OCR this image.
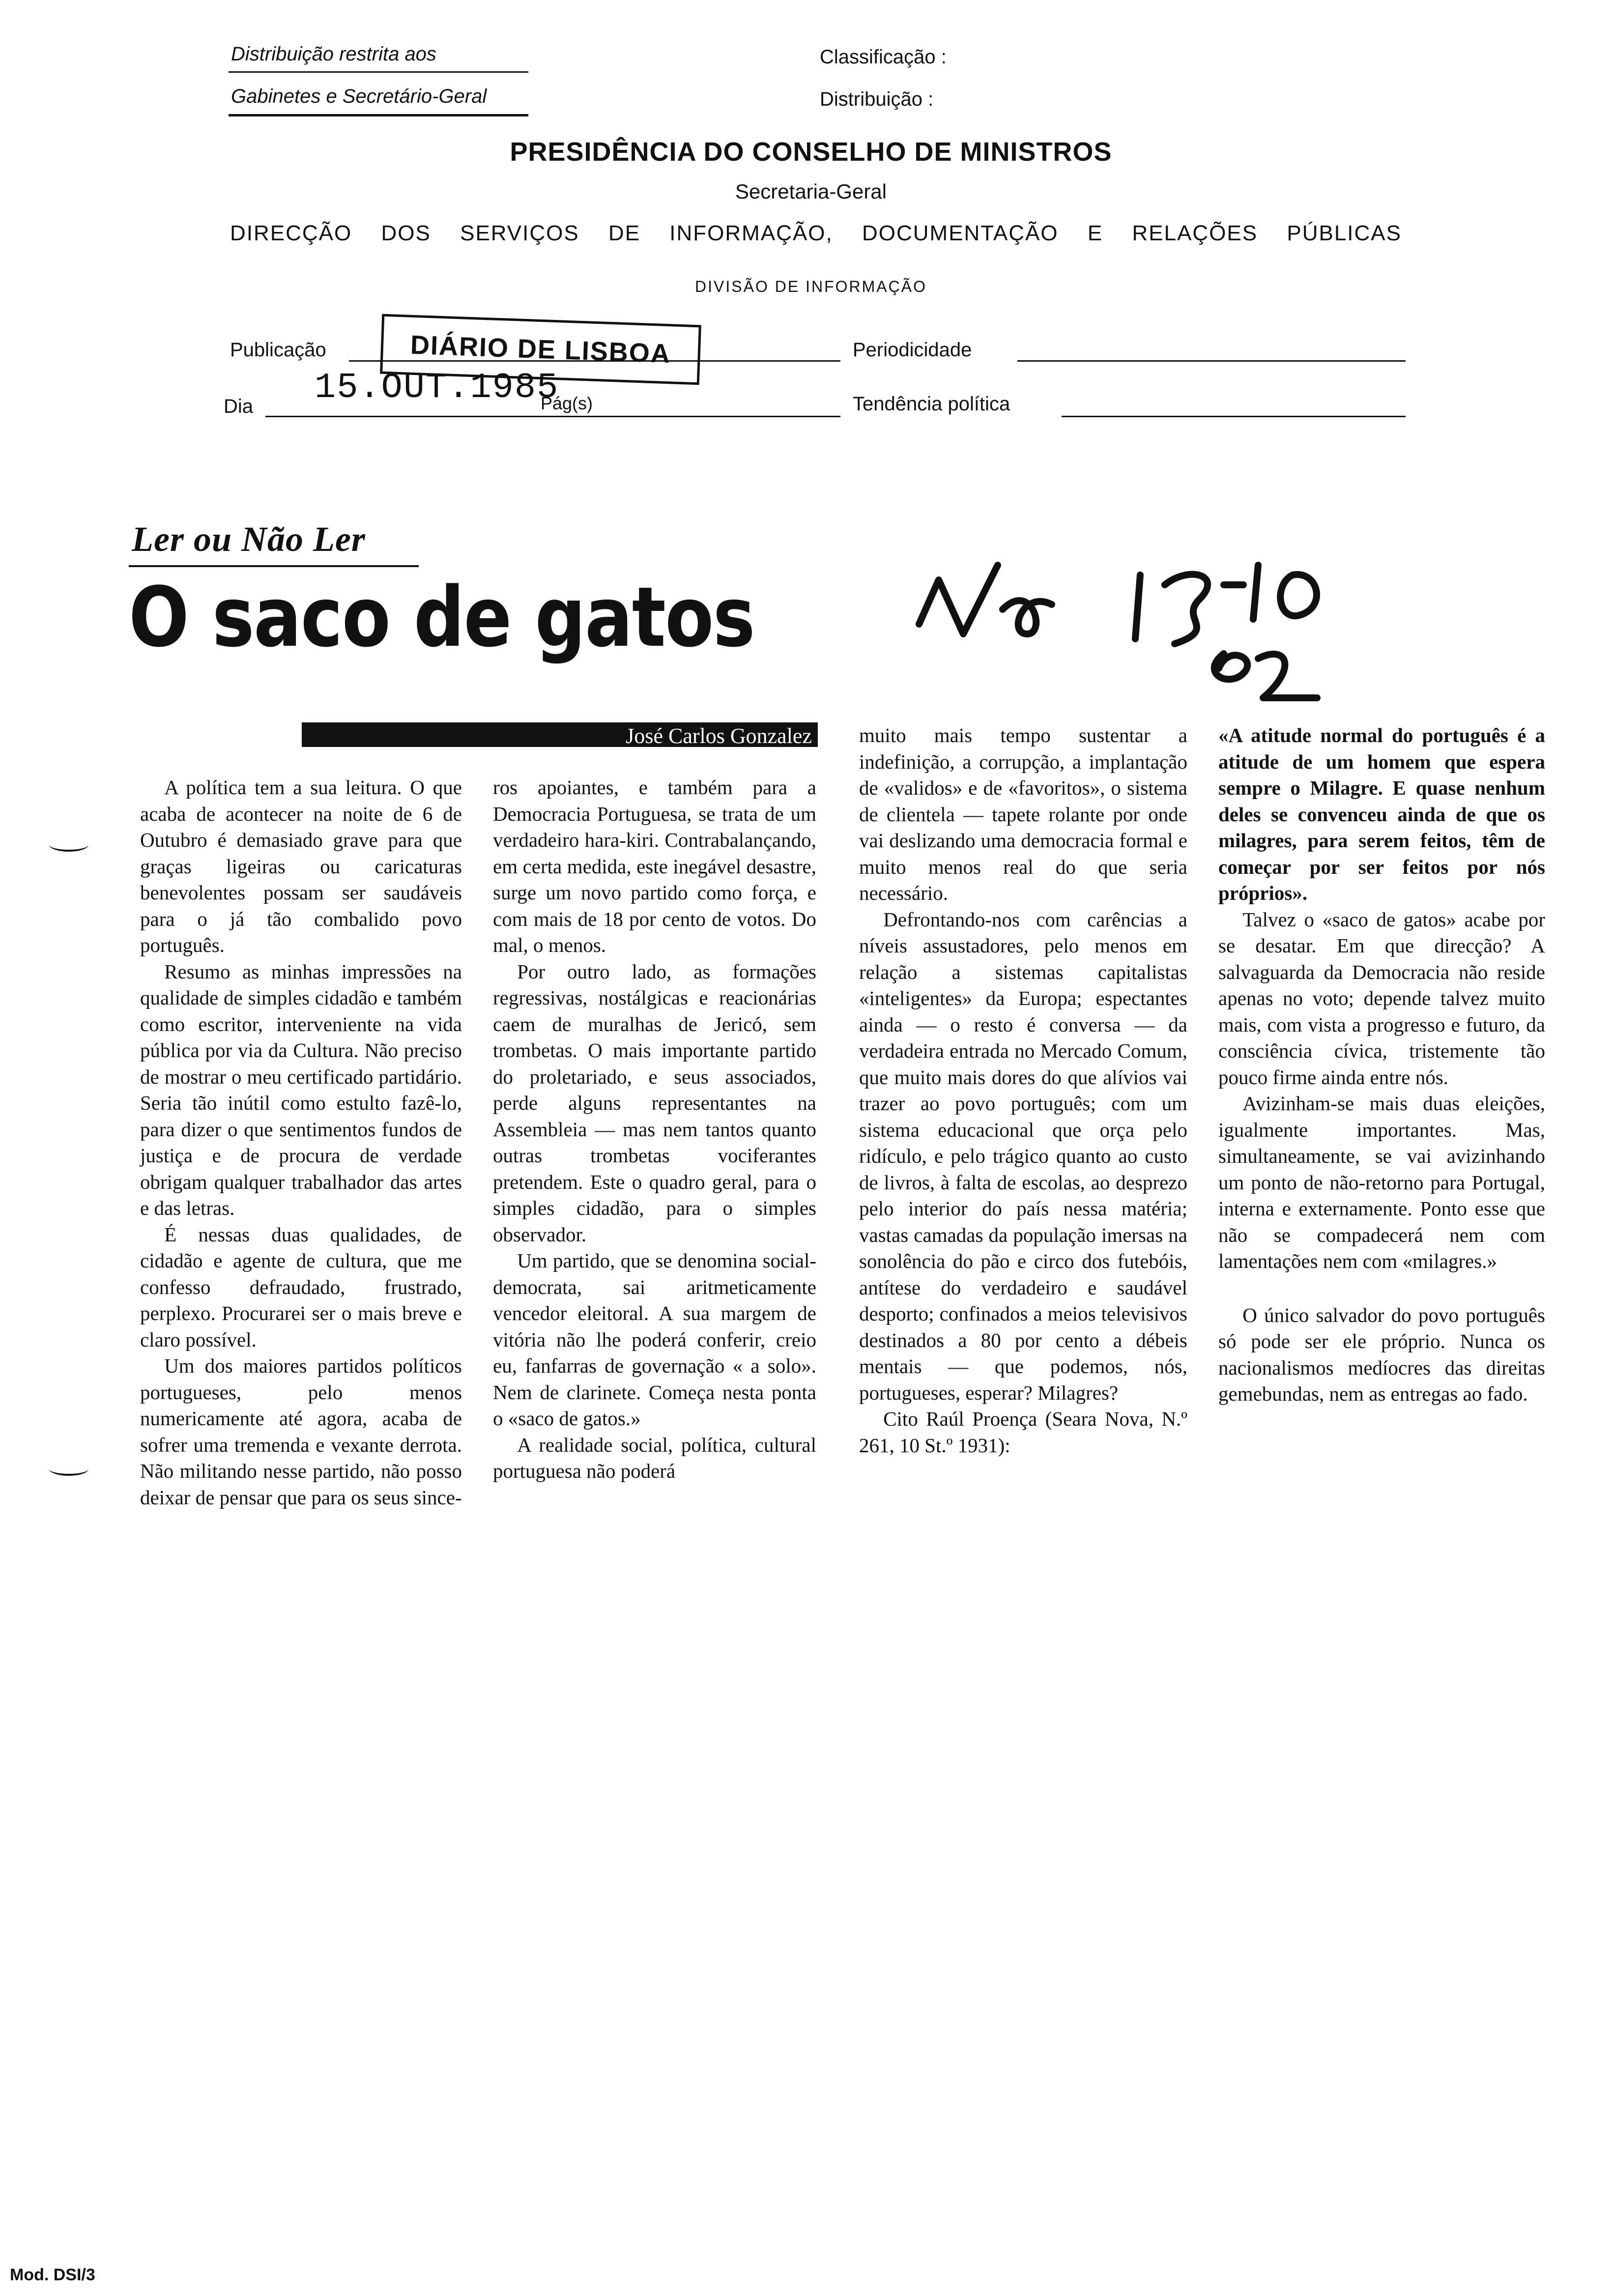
Distribuição restrita aos
Gabinetes e Secretário-Geral
Classificação :
Distribuição :
PRESIDÊNCIA DO CONSELHO DE MINISTROS
Secretaria-Geral
DIRECÇÃO DOS SERVIÇOS DE INFORMAÇÃO, DOCUMENTAÇÃO E RELAÇÕES PÚBLICAS
DIVISÃO DE INFORMAÇÃO
Publicação	DIÁRIO DE LISBOA
Dia 15.OUT.1985
Pág(s)
Periodicidade
Tendência política
Ler ou Não Ler
O saco de gatos
José Carlos Gonzalez

A política tem a sua leitura. O que acaba de acontecer na noite de 6 de Outubro é demasiado grave para que graças ligeiras ou caricaturas benevolentes possam ser saudáveis para o já tão combalido povo português.

Resumo as minhas impressões na qualidade de simples cidadão e também como escritor, interveniente na vida pública por via da Cultura. Não preciso de mostrar o meu certificado partidário. Seria tão inútil como estulto fazê-lo, para dizer o que sentimentos fundos de justiça e de procura de verdade obrigam qualquer trabalhador das artes e das letras.

É nessas duas qualidades, de cidadão e agente de cultura, que me confesso defraudado, frustrado, perplexo. Procurarei ser o mais breve e claro possível.

Um dos maiores partidos políticos portugueses, pelo menos numericamente até agora, acaba de sofrer uma tremenda e vexante derrota. Não militando nesse partido, não posso deixar de pensar que para os seus since-

ros apoiantes, e também para a Democracia Portuguesa, se trata de um verdadeiro hara-kiri. Contrabalançando, em certa medida, este inegável desastre, surge um novo partido como força, e com mais de 18 por cento de votos. Do mal, o menos.

Por outro lado, as formações regressivas, nostálgicas e reacionárias caem de muralhas de Jericó, sem trombetas. O mais importante partido do proletariado, e seus associados, perde alguns representantes na Assembleia — mas nem tantos quanto outras trombetas vociferantes pretendem. Este o quadro geral, para o simples cidadão, para o simples observador.

Um partido, que se denomina social-democrata, sai aritmeticamente vencedor eleitoral. A sua margem de vitória não lhe poderá conferir, creio eu, fanfarras de governação « a solo». Nem de clarinete. Começa nesta ponta o «saco de gatos.»

A realidade social, política, cultural portuguesa não poderá

muito mais tempo sustentar a indefinição, a corrupção, a implantação de «validos» e de «favoritos», o sistema de clientela — tapete rolante por onde vai deslizando uma democracia formal e muito menos real do que seria necessário.

Defrontando-nos com carências a níveis assustadores, pelo menos em relação a sistemas capitalistas «inteligentes» da Europa; espectantes ainda — o resto é conversa — da verdadeira entrada no Mercado Comum, que muito mais dores do que alívios vai trazer ao povo português; com um sistema educacional que orça pelo ridículo, e pelo trágico quanto ao custo de livros, à falta de escolas, ao desprezo pelo interior do país nessa matéria; vastas camadas da população imersas na sonolência do pão e circo dos futebóis, antítese do verdadeiro e saudável desporto; confinados a meios televisivos destinados a 80 por cento a débeis mentais — que podemos, nós, portugueses, esperar? Milagres?

Cito Raúl Proença (Seara Nova, N.º 261, 10 St.º 1931):

«A atitude normal do português é a atitude de um homem que espera sempre o Milagre. E quase nenhum deles se convenceu ainda de que os milagres, para serem feitos, têm de começar por ser feitos por nós próprios».

Talvez o «saco de gatos» acabe por se desatar. Em que direcção? A salvaguarda da Democracia não reside apenas no voto; depende talvez muito mais, com vista a progresso e futuro, da consciência cívica, tristemente tão pouco firme ainda entre nós.

Avizinham-se mais duas eleições, igualmente importantes. Mas, simultaneamente, se vai avizinhando um ponto de não-retorno para Portugal, interna e externamente. Ponto esse que não se compadecerá nem com lamentações nem com «milagres.»

O único salvador do povo português só pode ser ele próprio. Nunca os nacionalismos medíocres das direitas gemebundas, nem as entregas ao fado.

Mod. DSI/3
